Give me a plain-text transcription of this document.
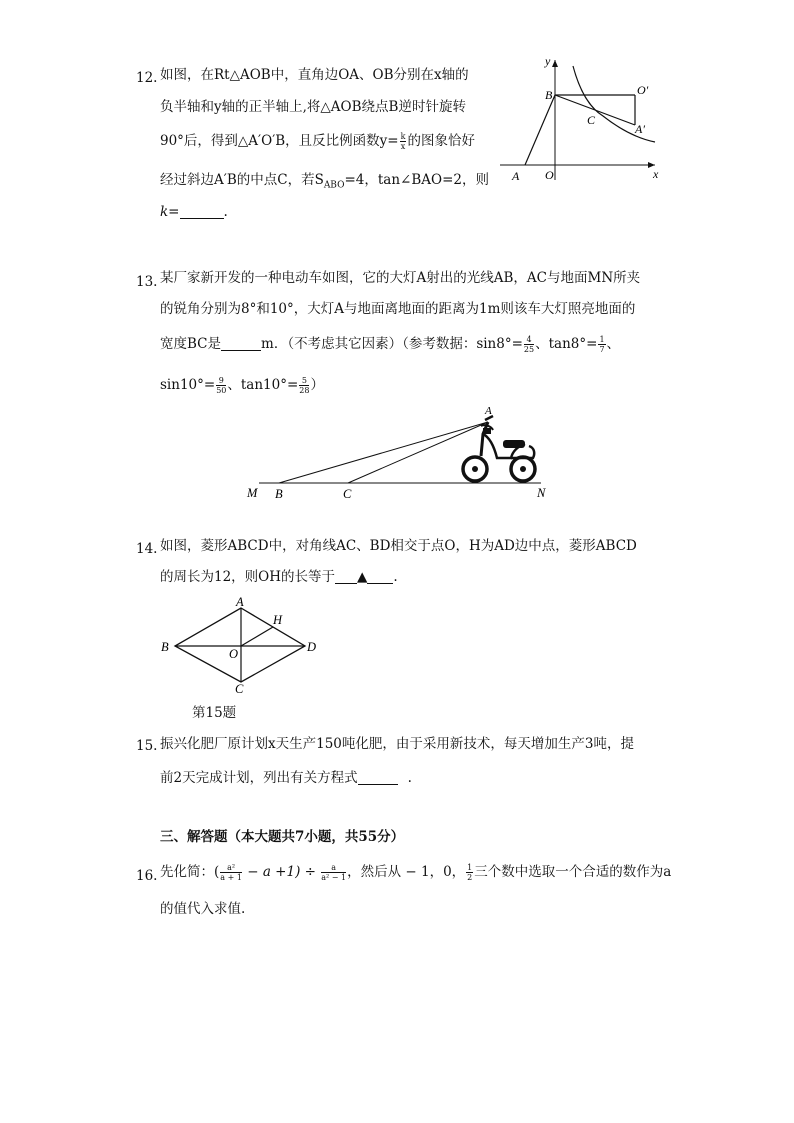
12. 如图，在Rt△AOB中，直角边OA、OB分别在x轴的
负半轴和y轴的正半轴上,将△AOB绕点B逆时针旋转
90°后，得到△A′O′B，且反比例函数$y= \frac{k}{x}$ 的图象恰好
经过斜边A′B的中点C，若$S_{ABO}=4$，tan∠BAO=2，则
k=	.
y
x
A O
B
C
O′
A′
13. 某厂家新开发的一种电动车如图，它的大灯A射出的光线AB，AC与地面MN所夹
的锐角分别为8°和10°，大灯A与地面离地面的距离为1m则该车大灯照亮地面的
宽度BC是	m．（不考虑其它因素）（参考数据：$\sin 8^\circ= \frac{4}{25}$ 、$\tan 8^\circ= \frac{1}{7}$ 、
$\sin 10^\circ= \frac{9}{50}$ 、$\tan 10^\circ= \frac{5}{28}$ ）
M B	C	N
A
14. 如图，菱形ABCD中，对角线AC、BD相交于点O，H为AD边中点，菱形ABCD
的周长为12，则OH的长等于 ▲ .
A
B	D
C
O
H
第15题
15. 振兴化肥厂原计划x天生产150吨化肥，由于采用新技术，每天增加生产3吨，提
前2天完成计划，列出有关方程式	.
三、解答题（本大题共7小题，共55分）
16. 先化简：( $\frac{\text{a²}}{a + 1} - a +1) \div \frac{a}{\text{a² − 1}}$ ，然后从 − 1，0， $\frac{1}{2}$ 三个数中选取一个合适的数作为a
的值代入求值.
